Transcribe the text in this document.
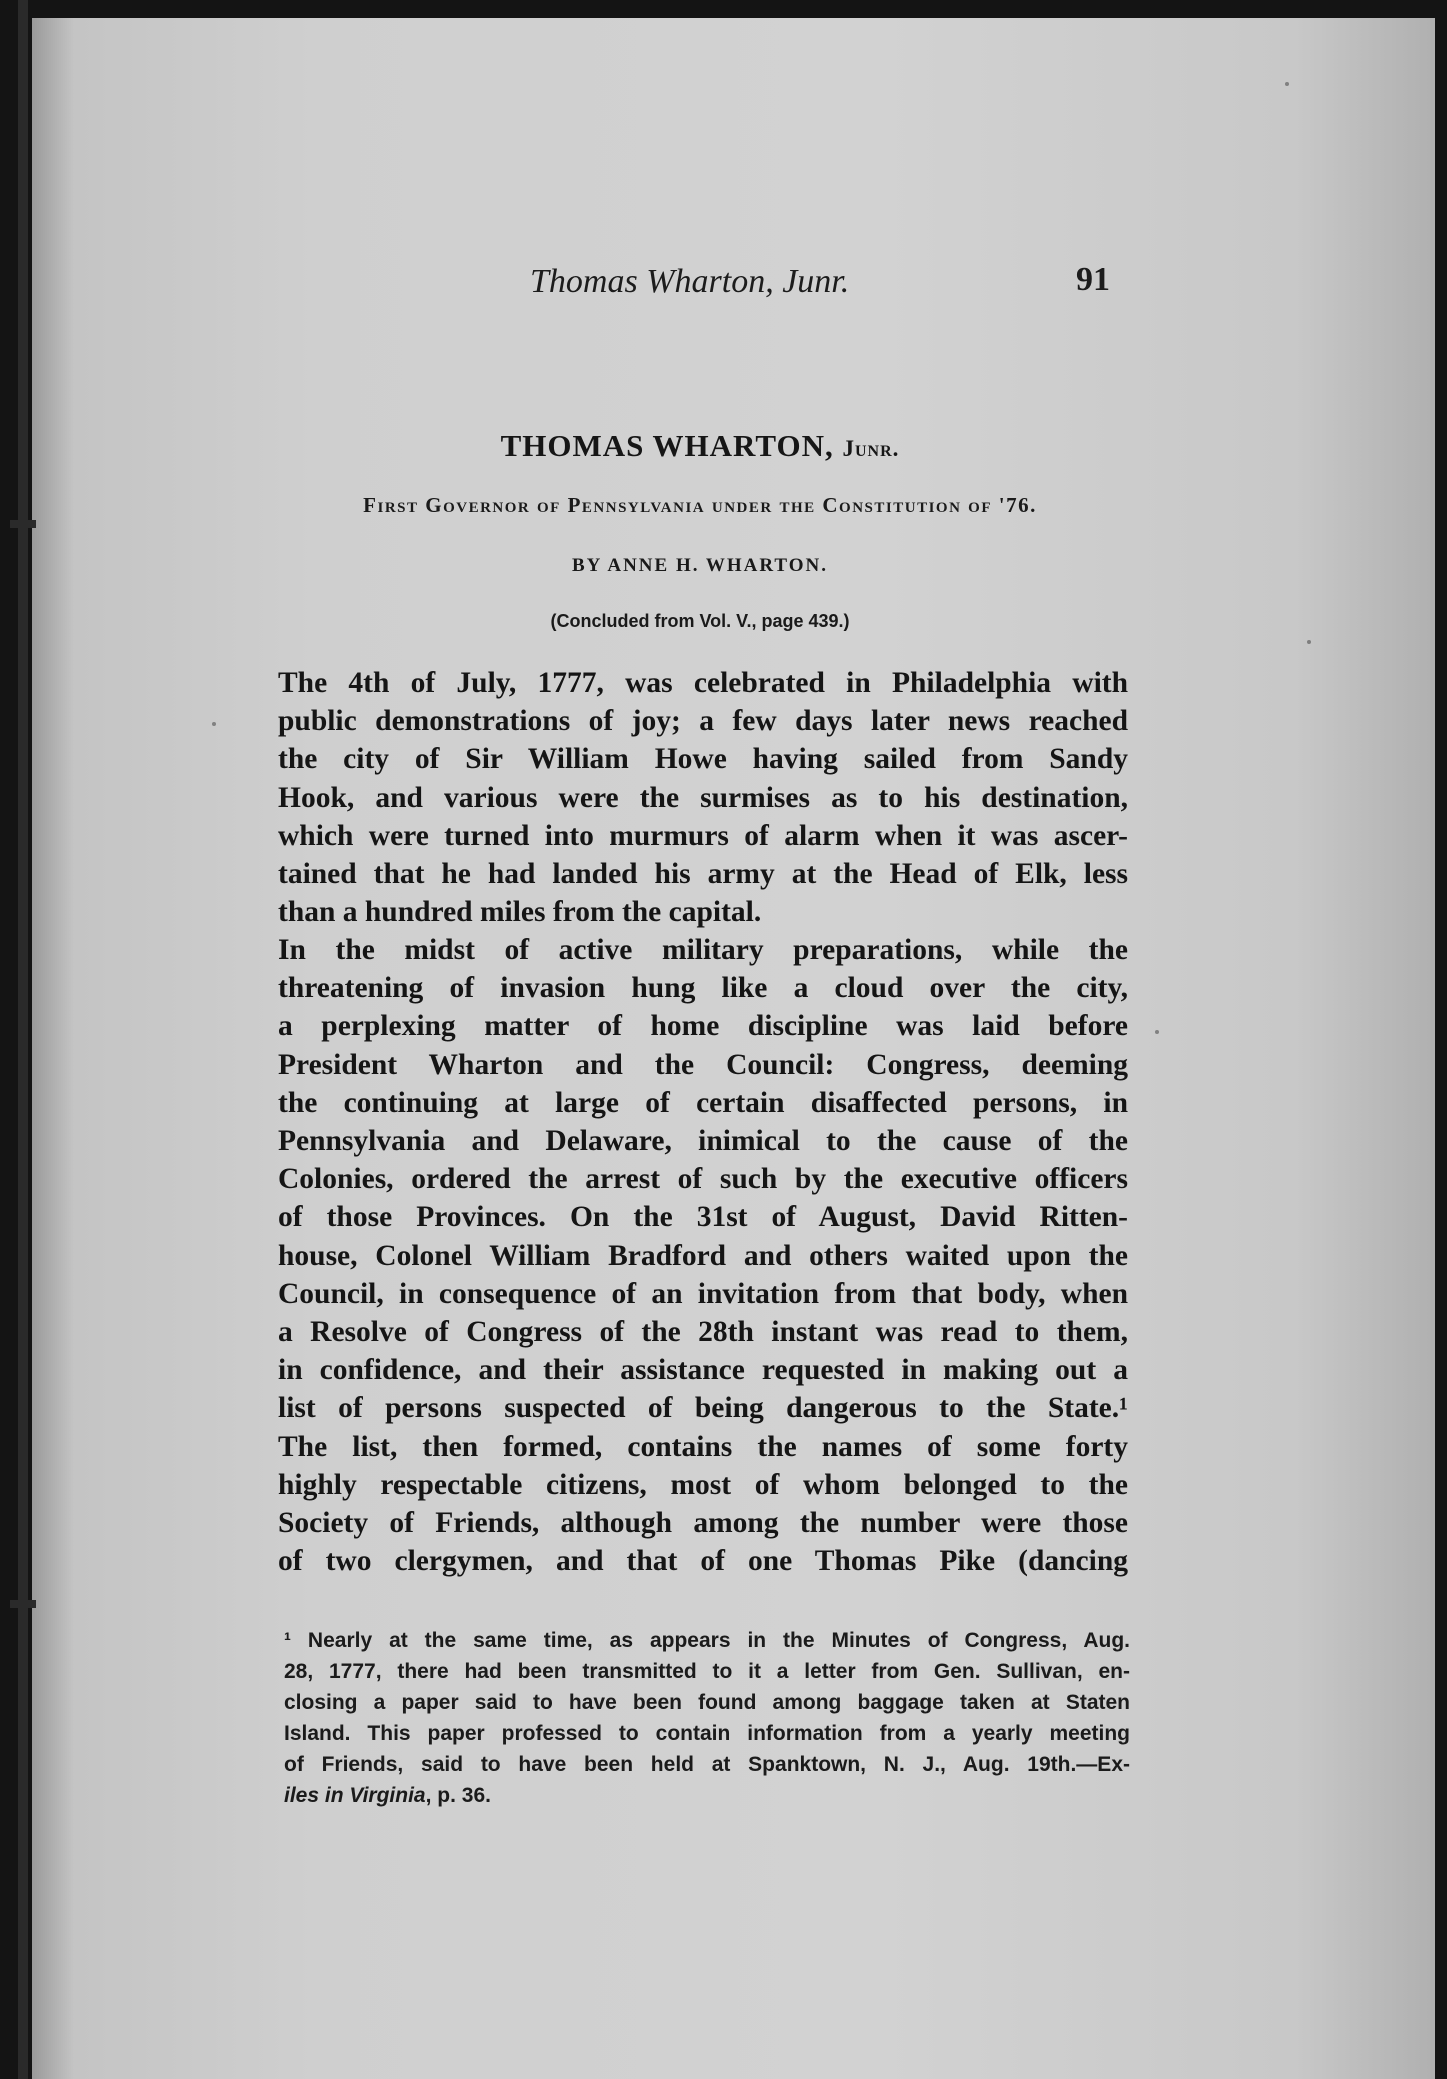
Thomas Wharton, Junr.	91
THOMAS WHARTON, Junr.
First Governor of Pennsylvania under the Constitution of '76.
BY ANNE H. WHARTON.
(Concluded from Vol. V., page 439.)
The 4th of July, 1777, was celebrated in Philadelphia with
public demonstrations of joy; a few days later news reached
the city of Sir William Howe having sailed from Sandy
Hook, and various were the surmises as to his destination,
which were turned into murmurs of alarm when it was ascer-
tained that he had landed his army at the Head of Elk, less
than a hundred miles from the capital.
In the midst of active military preparations, while the
threatening of invasion hung like a cloud over the city,
a perplexing matter of home discipline was laid before
President Wharton and the Council: Congress, deeming
the continuing at large of certain disaffected persons, in
Pennsylvania and Delaware, inimical to the cause of the
Colonies, ordered the arrest of such by the executive officers
of those Provinces. On the 31st of August, David Ritten-
house, Colonel William Bradford and others waited upon the
Council, in consequence of an invitation from that body, when
a Resolve of Congress of the 28th instant was read to them,
in confidence, and their assistance requested in making out a
list of persons suspected of being dangerous to the State.¹
The list, then formed, contains the names of some forty
highly respectable citizens, most of whom belonged to the
Society of Friends, although among the number were those
of two clergymen, and that of one Thomas Pike (dancing
¹ Nearly at the same time, as appears in the Minutes of Congress, Aug.
28, 1777, there had been transmitted to it a letter from Gen. Sullivan, en-
closing a paper said to have been found among baggage taken at Staten
Island. This paper professed to contain information from a yearly meeting
of Friends, said to have been held at Spanktown, N. J., Aug. 19th.—Ex-
iles in Virginia, p. 36.
